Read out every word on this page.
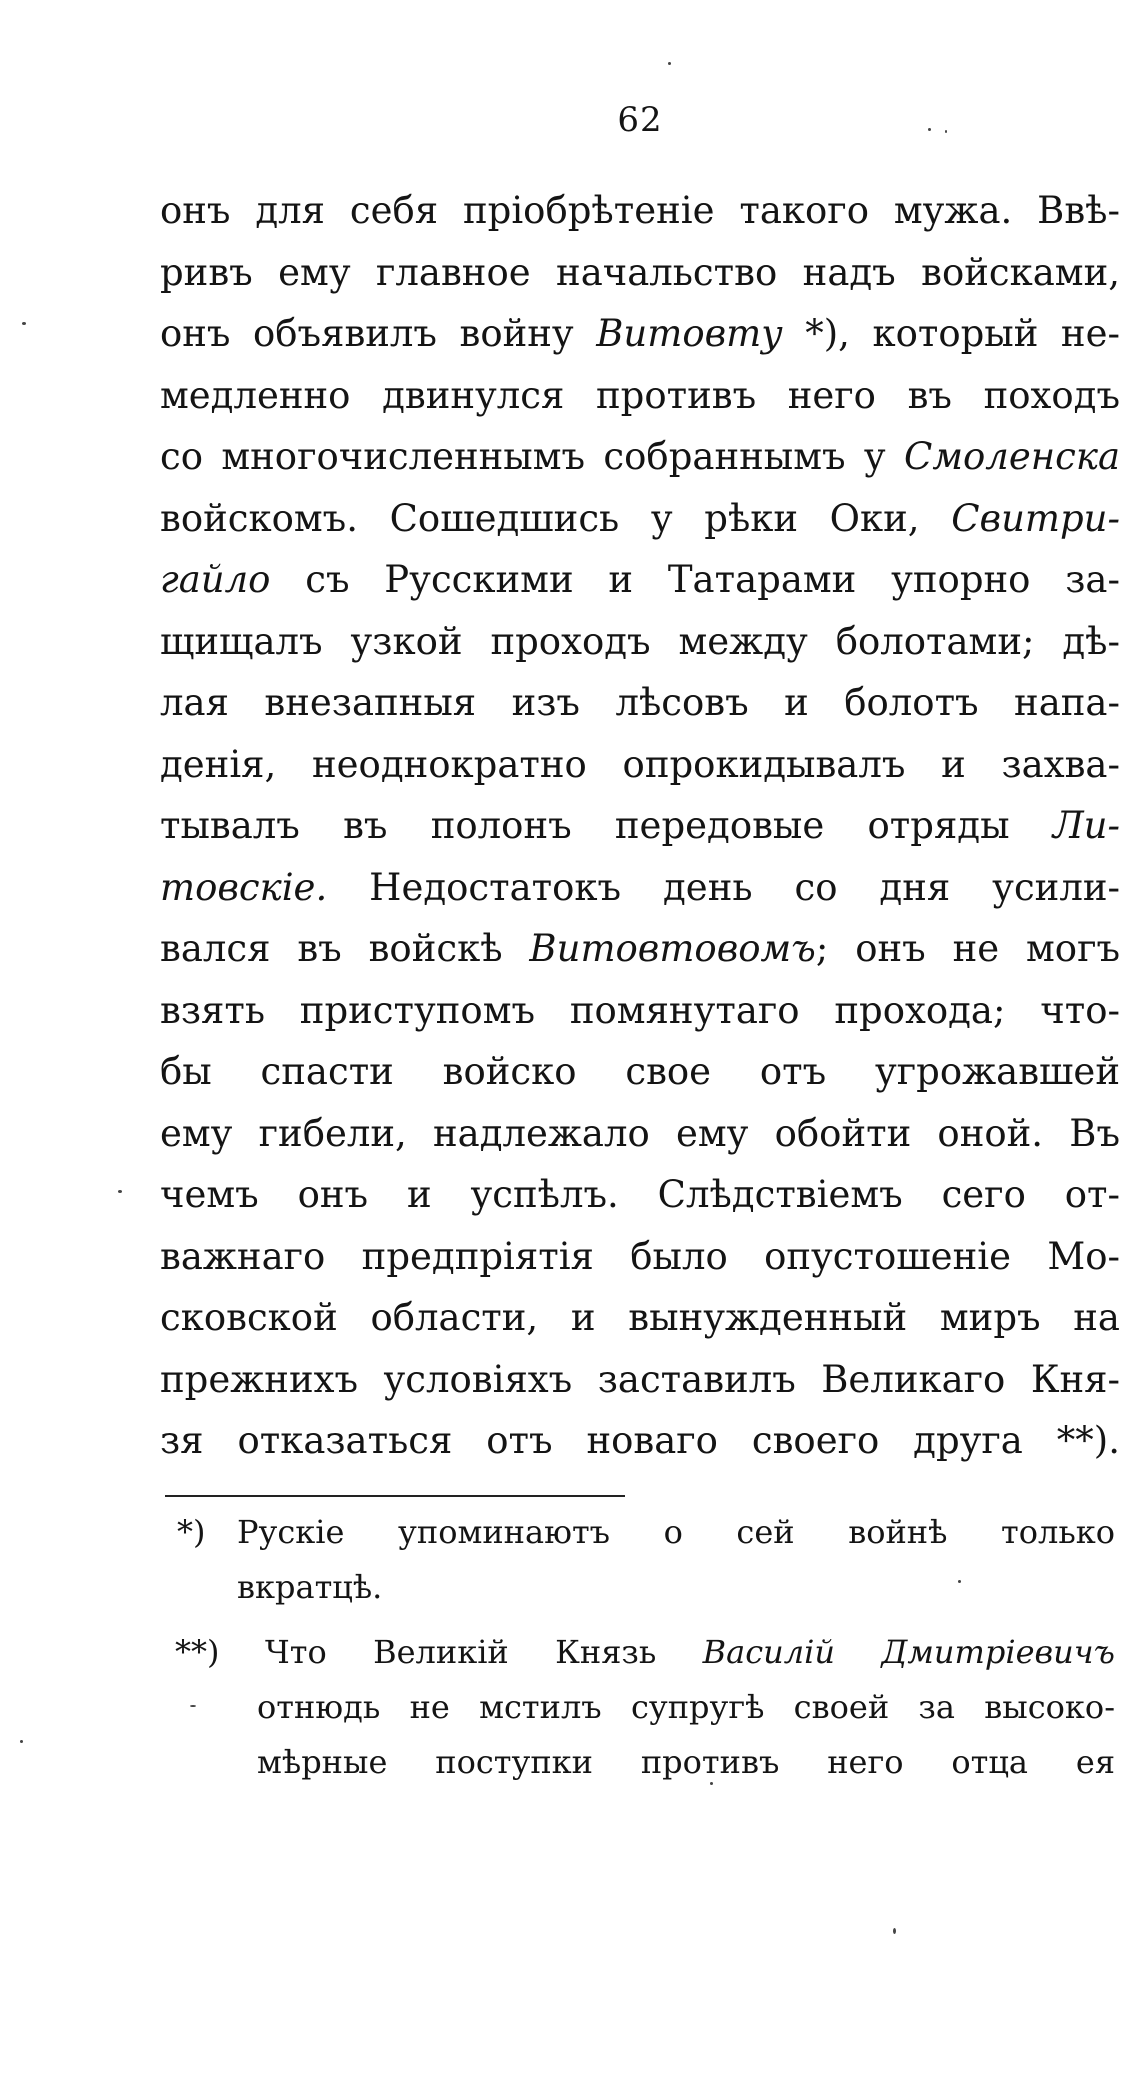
62
онъ для себя пріобрѣтеніе такого мужа. Ввѣ-
ривъ ему главное начальство надъ войсками,
онъ объявилъ войну Витовту *), который не-
медленно двинулся противъ него въ походъ
со многочисленнымъ собраннымъ у Смоленска
войскомъ. Сошедшись у рѣки Оки, Свитри-
гайло съ Русскими и Татарами упорно за-
щищалъ узкой проходъ между болотами; дѣ-
лая внезапныя изъ лѣсовъ и болотъ напа-
денія, неоднократно опрокидывалъ и захва-
тывалъ въ полонъ передовые отряды Ли-
товскіе. Недостатокъ день со дня усили-
вался въ войскѣ Витовтовомъ; онъ не могъ
взять приступомъ помянутаго прохода; что-
бы спасти войско свое отъ угрожавшей
ему гибели, надлежало ему обойти оной. Въ
чемъ онъ и успѣлъ. Слѣдствіемъ сего от-
важнаго предпріятія было опустошеніе Мо-
сковской области, и вынужденный миръ на
прежнихъ условіяхъ заставилъ Великаго Кня-
зя отказаться отъ новаго своего друга **).
*) Рускіе упоминаютъ о сей войнѣ только
вкратцѣ.
**)	Что Великій Князь Василій Дмитріевичъ
отнюдь не мстилъ супругѣ своей за высоко-
мѣрные поступки противъ него отца ея
